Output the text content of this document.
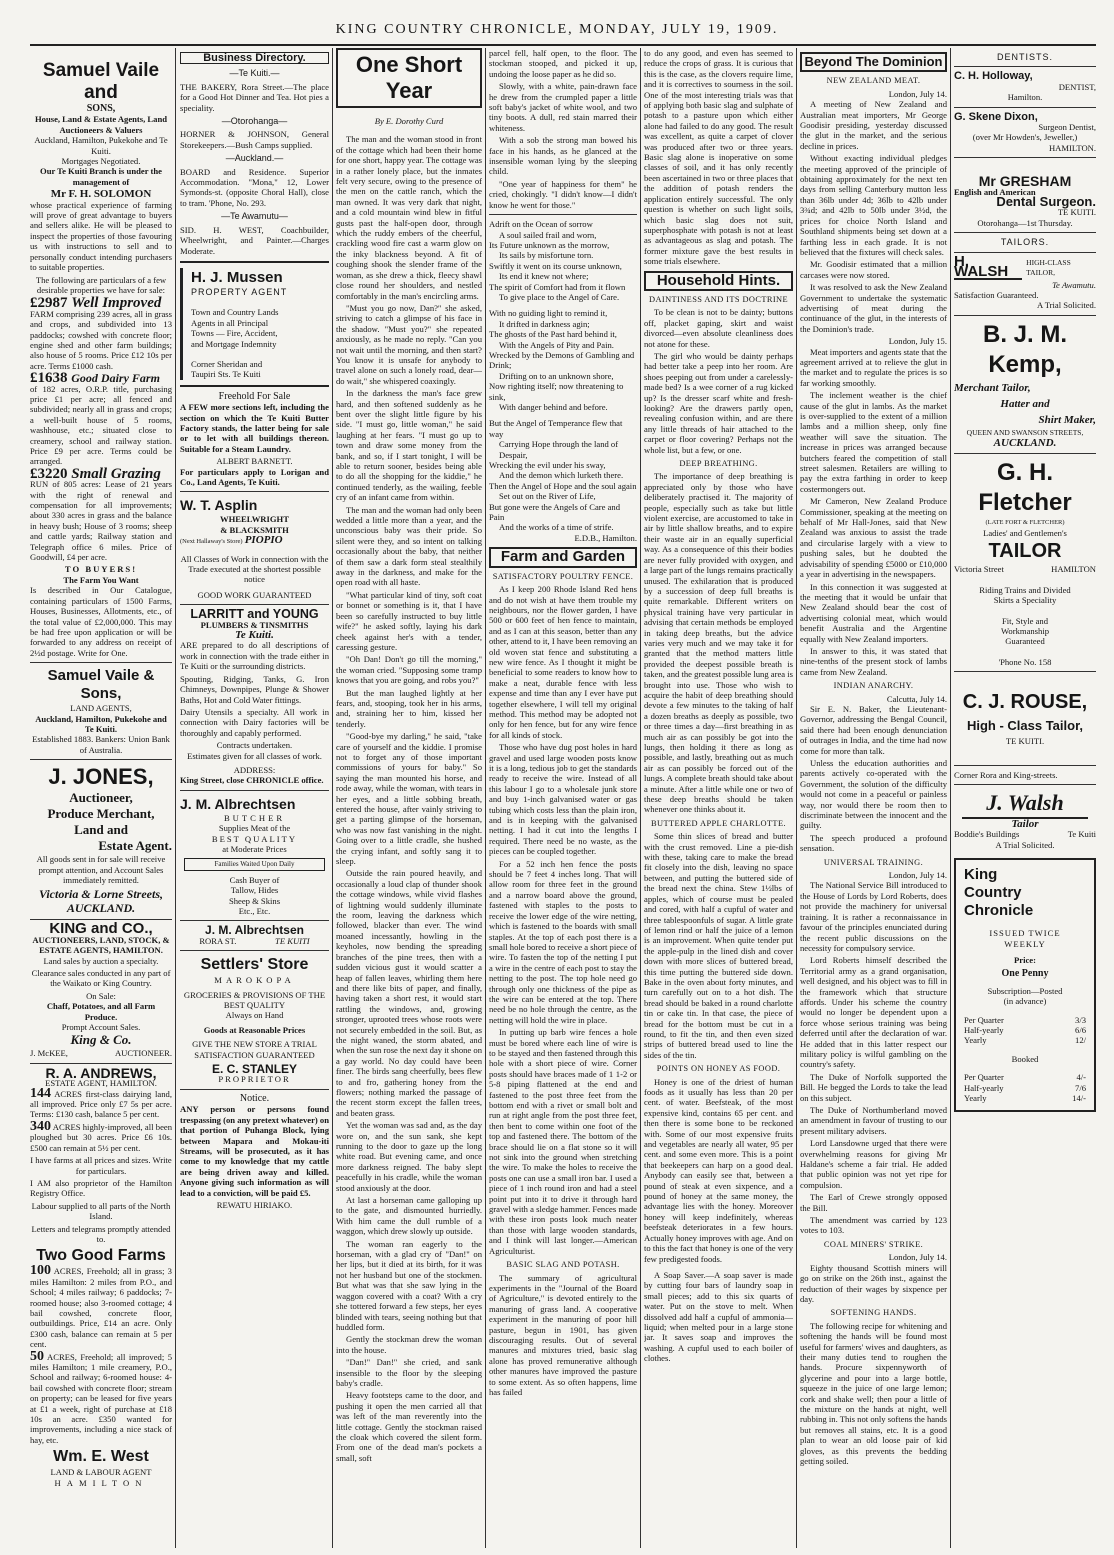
KING COUNTRY CHRONICLE, MONDAY, JULY 19, 1909.
Samuel Vaile and
SONS,
House, Land & Estate Agents, Land Auctioneers & Valuers
Auckland, Hamilton, Pukekohe and Te Kuiti.
Mortgages Negotiated.

Our Te Kuiti Branch is under the management of

Mr F. H. SOLOMON

whose practical experience of farming will prove of great advantage to buyers and sellers alike. He will be pleased to inspect the properties of those favouring us with instructions to sell and to personally conduct intending purchasers to suitable properties.

The following are particulars of a few desirable properties we have for sale:

£2987 Well Improved

FARM comprising 239 acres, all in grass and crops, and subdivided into 13 paddocks; cowshed with concrete floor; engine shed and other farm buildings; also house of 5 rooms. Price £12 10s per acre. Terms £1000 cash.

£1638 Good Dairy Farm

of 182 acres, O.R.P. title, purchasing price £1 per acre; all fenced and subdivided; nearly all in grass and crops; a well-built house of 5 rooms, washhouse, etc.; situated close to creamery, school and railway station. Price £9 per acre. Terms could be arranged.

£3220 Small Grazing

RUN of 805 acres: Lease of 21 years with the right of renewal and compensation for all improvements; about 330 acres in grass and the balance in heavy bush; House of 3 rooms; sheep and cattle yards; Railway station and Telegraph office 6 miles. Price of Goodwill, £4 per acre.

TO BUYERS!
The Farm You Want

Is described in Our Catalogue, containing particulars of 1500 Farms, Houses, Businesses, Allotments, etc., of the total value of £2,000,000. This may be had free upon application or will be forwarded to any address on receipt of 2½d postage. Write for One.

Samuel Vaile & Sons,
LAND AGENTS,
Auckland, Hamilton, Pukekohe and Te Kuiti.

Established 1883. Bankers: Union Bank of Australia.

J. JONES,
Auctioneer,
Produce Merchant,
Land and
Estate Agent.

All goods sent in for sale will receive prompt attention, and Account Sales immediately remitted.

Victoria & Lorne Streets, AUCKLAND.
KING and CO.,
AUCTIONEERS, LAND, STOCK, & ESTATE AGENTS, HAMILTON.

Land sales by auction a specialty.

Clearance sales conducted in any part of the Waikato or King Country.

On Sale:
Chaff, Potatoes, and all Farm Produce.
Prompt Account Sales.
King & Co.
J. McKEE,	AUCTIONEER.
R. A. ANDREWS,
ESTATE AGENT, HAMILTON.

144 ACRES first-class dairying land, all improved. Price only £7 5s per acre. Terms: £130 cash, balance 5 per cent.

340 ACRES highly-improved, all been ploughed but 30 acres. Price £6 10s. £500 can remain at 5½ per cent.

I have farms at all prices and sizes. Write for particulars.

I AM also proprietor of the Hamilton Registry Office.

Labour supplied to all parts of the North Island.

Letters and telegrams promptly attended to.

Two Good Farms

100 ACRES, Freehold; all in grass; 3 miles Hamilton: 2 miles from P.O., and School; 4 miles railway; 6 paddocks; 7-roomed house; also 3-roomed cottage; 4 bail cowshed, concrete floor, outbuildings. Price, £14 an acre. Only £300 cash, balance can remain at 5 per cent.

50 ACRES, Freehold; all improved; 5 miles Hamilton; 1 mile creamery, P.O., School and railway; 6-roomed house: 4-bail cowshed with concrete floor; stream on property; can be leased for five years at £1 a week, right of purchase at £18 10s an acre. £350 wanted for improvements, including a nice stack of hay, etc.

Wm. E. West
LAND & LABOUR AGENT
HAMILTON
Business Directory.
—Te Kuiti.—

THE BAKERY, Rora Street.—The place for a Good Hot Dinner and Tea. Hot pies a speciality.

—Otorohanga—

HORNER & JOHNSON, General Storekeepers.—Bush Camps supplied.

—Auckland.—

BOARD and Residence. Superior Accommodation. "Mona," 12, Lower Symonds-st. (opposite Choral Hall), close to tram. 'Phone, No. 293.

—Te Awamutu—

SID. H. WEST, Coachbuilder, Wheelwright, and Painter.—Charges Moderate.

H. J. Mussen
PROPERTY AGENT
Town and Country Lands
Agents in all Principal
Towns — Fire, Accident,
and Mortgage Indemnity
Corner Sheridan and
Taupiri Sts. Te Kuiti
Freehold For Sale

A FEW more sections left, including the section on which the Te Kuiti Butter Factory stands, the latter being for sale or to let with all buildings thereon. Suitable for a Steam Laundry.

ALBERT BARNETT.

For particulars apply to Lorigan and Co., Land Agents, Te Kuiti.

W. T. Asplin
WHEELWRIGHT
& BLACKSMITH
(Next Hallaway's Store) PIOPIO

All Classes of Work in connection with the Trade executed at the shortest possible notice

GOOD WORK GUARANTEED
LARRITT and YOUNG
PLUMBERS & TINSMITHS
Te Kuiti.

ARE prepared to do all descriptions of work in connection with the trade either in Te Kuiti or the surrounding districts.

Spouting, Ridging, Tanks, G. Iron Chimneys, Downpipes, Plunge & Shower Baths, Hot and Cold Water fittings.

Dairy Utensils a specialty. All work in connection with Dairy factories will be thoroughly and capably performed.

Contracts undertaken.
Estimates given for all classes of work.
ADDRESS:
King Street, close CHRONICLE office.
J. M. Albrechtsen
BUTCHER
Supplies Meat of the
BEST QUALITY
at Moderate Prices
Families Waited Upon Daily
Cash Buyer of
Tallow, Hides
Sheep & Skins
Etc., Etc.
J. M. Albrechtsen
RORA ST.	TE KUITI
Settlers' Store
MAROKOPA
GROCERIES & PROVISIONS OF THE BEST QUALITY
Always on Hand
Goods at Reasonable Prices
GIVE THE NEW STORE A TRIAL SATISFACTION GUARANTEED
E. C. STANLEY
PROPRIETOR
Notice.

ANY person or persons found trespassing (on any pretext whatever) on that portion of Puhanga Block, lying between Mapara and Mokau-iti Streams, will be prosecuted, as it has come to my knowledge that my cattle are being driven away and killed. Anyone giving such information as will lead to a conviction, will be paid £5.

REWATU HIRIAKO.
One Short Year
By E. Dorothy Curd

The man and the woman stood in front of the cottage which had been their home for one short, happy year. The cottage was in a rather lonely place, but the inmates felt very secure, owing to the presence of the men on the cattle ranch, which the man owned. It was very dark that night, and a cold mountain wind blew in fitful gusts past the half-open door, through which the ruddy embers of the cheerful, crackling wood fire cast a warm glow on the inky blackness beyond. A fit of coughing shook the slender frame of the woman, as she drew a thick, fleecy shawl close round her shoulders, and nestled comfortably in the man's encircling arms.

"Must you go now, Dan?" she asked, striving to catch a glimpse of his face in the shadow. "Must you?" she repeated anxiously, as he made no reply. "Can you not wait until the morning, and then start? You know it is unsafe for anybody to travel alone on such a lonely road, dear—do wait," she whispered coaxingly.

In the darkness the man's face grew hard, and then softened suddenly as he bent over the slight little figure by his side. "I must go, little woman," he said laughing at her fears. "I must go up to town and draw some money from the bank, and so, if I start tonight, I will be able to return sooner, besides being able to do all the shopping for the kiddie," he continued tenderly, as the wailing, feeble cry of an infant came from within.

The man and the woman had only been wedded a little more than a year, and the unconscious baby was their pride. So silent were they, and so intent on talking occasionally about the baby, that neither of them saw a dark form steal stealthily away in the darkness, and make for the open road with all haste.

"What particular kind of tiny, soft coat or bonnet or something is it, that I have been so carefully instructed to buy little wife?" he asked softly, laying his dark cheek against her's with a tender, caressing gesture.

"Oh Dan! Don't go till the morning," the woman cried. "Supposing some tramp knows that you are going, and robs you?"

But the man laughed lightly at her fears, and, stooping, took her in his arms, and, straining her to him, kissed her tenderly.

"Good-bye my darling," he said, "take care of yourself and the kiddie. I promise not to forget any of those important commissions of yours for baby." So saying the man mounted his horse, and rode away, while the woman, with tears in her eyes, and a little sobbing breath, entered the house, after vainly striving to get a parting glimpse of the horseman, who was now fast vanishing in the night. Going over to a little cradle, she hushed the crying infant, and softly sang it to sleep.

Outside the rain poured heavily, and occasionally a loud clap of thunder shook the cottage windows, while vivid flashes of lightning would suddenly illuminate the room, leaving the darkness which followed, blacker than ever. The wind moaned incessantly, howling in the keyholes, now bending the spreading branches of the pine trees, then with a sudden vicious gust it would scatter a heap of fallen leaves, whirling them here and there like bits of paper, and finally, having taken a short rest, it would start rattling the windows, and, growing stronger, uprooted trees whose roots were not securely embedded in the soil. But, as the night waned, the storm abated, and when the sun rose the next day it shone on a gay world. No day could have been finer. The birds sang cheerfully, bees flew to and fro, gathering honey from the flowers; nothing marked the passage of the recent storm except the fallen trees, and beaten grass.

Yet the woman was sad and, as the day wore on, and the sun sank, she kept running to the door to gaze up the long white road. But evening came, and once more darkness reigned. The baby slept peacefully in his cradle, while the woman stood anxiously at the door.

At last a horseman came galloping up to the gate, and dismounted hurriedly. With him came the dull rumble of a waggon, which drew slowly up outside.

The woman ran eagerly to the horseman, with a glad cry of "Dan!" on her lips, but it died at its birth, for it was not her husband but one of the stockmen. But what was that she saw lying in the waggon covered with a coat? With a cry she tottered forward a few steps, her eyes blinded with tears, seeing nothing but that huddled form.

Gently the stockman drew the woman into the house.

"Dan!" Dan!" she cried, and sank insensible to the floor by the sleeping baby's cradle.

Heavy footsteps came to the door, and pushing it open the men carried all that was left of the man reverently into the little cottage. Gently the stockman raised the cloak which covered the silent form. From one of the dead man's pockets a small, soft

parcel fell, half open, to the floor. The stockman stooped, and picked it up, undoing the loose paper as he did so.

Slowly, with a white, pain-drawn face he drew from the crumpled paper a little soft baby's jacket of white wool, and two tiny boots. A dull, red stain marred their whiteness.

With a sob the strong man bowed his face in his hands, as he glanced at the insensible woman lying by the sleeping child.

"One year of happiness for them" he cried, chokingly. "I didn't know—I didn't know he went for those."

Adrift on the Ocean of sorrow
A soul sailed frail and worn,
Its Future unknown as the morrow,
Its sails by misfortune torn.
Swiftly it went on its course unknown,
Its end it knew not where;
The spirit of Comfort had from it flown
To give place to the Angel of Care.
With no guiding light to remind it,
It drifted in darkness agin;
The ghosts of the Past hard behind it,
With the Angels of Pity and Pain.
Wrecked by the Demons of Gambling and Drink;
Drifting on to an unknown shore,
Now righting itself; now threatening to sink,
With danger behind and before.
But the Angel of Temperance flew that way
Carrying Hope through the land of Despair,
Wrecking the evil under his sway,
And the demon which lurketh there.
Then the Angel of Hope and the soul again
Set out on the River of Life,
But gone were the Angels of Care and Pain
And the works of a time of strife.
E.D.B., Hamilton.
Farm and Garden
SATISFACTORY POULTRY FENCE.

As I keep 200 Rhode Island Red hens and do not wish at have them trouble my neighbours, nor the flower garden, I have 500 or 600 feet of hen fence to maintain, and as I can at this season, better than any other, attend to it, I have been removing an old woven stat fence and substituting a new wire fence. As I thought it might be beneficial to some readers to know how to make a neat, durable fence with less expense and time than any I ever have put together elsewhere, I will tell my original method. This method may be adopted not only for hen fence, but for any wire fence for all kinds of stock.

Those who have dug post holes in hard gravel and used large wooden posts know it is a long, tedious job to get the standards ready to receive the wire. Instead of all this labour I go to a wholesale junk store and buy 1-inch galvanised water or gas tubing which costs less than the plain iron, and is in keeping with the galvanised netting. I had it cut into the lengths I required. There need be no waste, as the pieces can be coupled together.

For a 52 inch hen fence the posts should be 7 feet 4 inches long. That will allow room for three feet in the ground and a narrow board above the ground, fastened with staples to the posts to receive the lower edge of the wire netting, which is fastened to the boards with small staples. At the top of each post there is a small hole bored to receive a short piece of wire. To fasten the top of the netting I put a wire in the centre of each post to stay the netting to the post. The top hole need go through only one thickness of the pipe as the wire can be entered at the top. There need be no hole through the centre, as the netting will hold the wire in place.

In putting up barb wire fences a hole must be bored where each line of wire is to be stayed and then fastened through this hole with a short piece of wire. Corner posts should have braces made of 1 1-2 or 5-8 piping flattened at the end and fastened to the post three feet from the bottom end with a rivet or small bolt and run at right angle from the post three feet, then bent to come within one foot of the top and fastened there. The bottom of the brace should lie on a flat stone so it will not sink into the ground when stretching the wire. To make the holes to receive the posts one can use a small iron bar. I used a piece of 1 inch round iron and had a steel point put into it to drive it through hard gravel with a sledge hammer. Fences made with these iron posts look much neater than those with large wooden standards, and I think will last longer.—American Agriculturist.

BASIC SLAG AND POTASH.

The summary of agricultural experiments in the "Journal of the Board of Agriculture," is devoted entirely to the manuring of grass land. A cooperative experiment in the manuring of poor hill pasture, begun in 1901, has given discouraging results. Out of several manures and mixtures tried, basic slag alone has proved remunerative although other manures have improved the pasture to some extent. As so often happens, lime has failed

to do any good, and even has seemed to reduce the crops of grass. It is curious that this is the case, as the clovers require lime, and it is correctives to sourness in the soil. One of the most interesting trials was that of applying both basic slag and sulphate of potash to a pasture upon which either alone had failed to do any good. The result was excellent, as quite a carpet of clover was produced after two or three years. Basic slag alone is inoperative on some classes of soil, and it has only recently been ascertained in two or three places that the addition of potash renders the application entirely successful. The only question is whether on such light soils, which basic slag does not suit, superphosphate with potash is not at least as advantageous as slag and potash. The former mixture gave the best results in some trials elsewhere.

Household Hints.
DAINTINESS AND ITS DOCTRINE

To be clean is not to be dainty; buttons off, placket gaping, skirt and waist divorced—even absolute cleanliness does not atone for these.

The girl who would be dainty perhaps had better take a peep into her room. Are shoes peeping out from under a carelessly-made bed? Is a wee corner of a rug kicked up? Is the dresser scarf white and fresh-looking? Are the drawers partly open, revealing confusion within, and are there any little threads of hair attached to the carpet or floor covering? Perhaps not the whole list, but a few, or one.

DEEP BREATHING.

The importance of deep breathing is appreciated only by those who have deliberately practised it. The majority of people, especially such as take but little violent exercise, are accustomed to take in air by little shallow breaths, and to expire their waste air in an equally superficial way. As a consequence of this their bodies are never fully provided with oxygen, and a large part of the lungs remains practically unused. The exhilaration that is produced by a succession of deep full breaths is quite remarkable. Different writers on physical training have very particular in advising that certain methods be employed in taking deep breaths, but the advice varies very much and we may take it for granted that the method matters little provided the deepest possible breath is taken, and the greatest possible lung area is brought into use. Those who wish to acquire the habit of deep breathing should devote a few minutes to the taking of half a dozen breaths as deeply as possible, two or three times a day—first breathing in as much air as can possibly be got into the lungs, then holding it there as long as possible, and lastly, breathing out as much air as can possibly be forced out of the lungs. A complete breath should take about a minute. After a little while one or two of these deep breaths should be taken whenever one thinks about it.

BUTTERED APPLE CHARLOTTE.

Some thin slices of bread and butter with the crust removed. Line a pie-dish with these, taking care to make the bread fit closely into the dish, leaving no space between, and putting the buttered side of the bread next the china. Stew 1½lbs of apples, which of course must be pealed and cored, with half a cupful of water and three tablespoonfuls of sugar. A little grate of lemon rind or half the juice of a lemon is an improvement. When quite tender put the apple-pulp in the lined dish and cover down with more slices of buttered bread, this time putting the buttered side down. Bake in the oven about forty minutes, and turn carefully out on to a hot dish. The bread should be baked in a round charlotte tin or cake tin. In that case, the piece of bread for the bottom must be cut in a round, to fit the tin, and then even sized strips of buttered bread used to line the sides of the tin.

POINTS ON HONEY AS FOOD.

Honey is one of the driest of human foods as it usually has less than 20 per cent. of water. Beefsteak, of the most expensive kind, contains 65 per cent. and then there is some bone to be reckoned with. Some of our most expensive fruits and vegetables are nearly all water, 95 per cent. and some even more. This is a point that beekeepers can harp on a good deal. Anybody can easily see that, between a pound of steak at even sixpence, and a pound of honey at the same money, the advantage lies with the honey. Moreover honey will keep indefinitely, whereas beefsteak deteriorates in a few hours. Actually honey improves with age. And on to this the fact that honey is one of the very few predigested foods.

A Soap Saver.—A soap saver is made by cutting four bars of laundry soap in small pieces; add to this six quarts of water. Put on the stove to melt. When dissolved add half a cupful of ammonia—liquid; when melted pour in a large stone jar. It saves soap and improves the washing. A cupful used to each boiler of clothes.

Beyond The Dominion
NEW ZEALAND MEAT.
London, July 14.

A meeting of New Zealand and Australian meat importers, Mr George Goodisir presiding, yesterday discussed the glut in the market, and the serious decline in prices.

Without exacting individual pledges the meeting approved of the principle of obtaining approximately for the next ten days from selling Canterbury mutton less than 36lb under 4d; 36lb to 42lb under 3¾d; and 42lb to 50lb under 3½d, the prices for choice North Island and Southland shipments being set down at a farthing less in each grade. It is not believed that the fixtures will check sales.

Mr. Goodisir estimated that a million carcases were now stored.

It was resolved to ask the New Zealand Government to undertake the systematic advertising of meat during the continuance of the glut, in the interests of the Dominion's trade.

London, July 15.

Meat importers and agents state that the agreement arrived at to relieve the glut in the market and to regulate the prices is so far working smoothly.

The inclement weather is the chief cause of the glut in lambs. As the market is over-supplied to the extent of a million lambs and a million sheep, only fine weather will save the situation. The increase in prices was arranged because butchers feared the competition of stall street salesmen. Retailers are willing to pay the extra farthing in order to keep costermongers out.

Mr Cameron, New Zealand Produce Commissioner, speaking at the meeting on behalf of Mr Hall-Jones, said that New Zealand was anxious to assist the trade and circularise largely with a view to pushing sales, but he doubted the advisability of spending £5000 or £10,000 a year in advertising in the newspapers.

In this connection it was suggested at the meeting that it would be unfair that New Zealand should bear the cost of advertising colonial meat, which would benefit Australia and the Argentine equally with New Zealand importers.

In answer to this, it was stated that nine-tenths of the present stock of lambs came from New Zealand.

INDIAN ANARCHY.
Calcutta, July 14.

Sir E. N. Baker, the Lieutenant-Governor, addressing the Bengal Council, said there had been enough denunciation of outrages in India, and the time had now come for more than talk.

Unless the education authorities and parents actively co-operated with the Government, the solution of the difficulty would not come in a peaceful or painless way, nor would there be room then to discriminate between the innocent and the guilty.

The speech produced a profound sensation.

UNIVERSAL TRAINING.
London, July 14.

The National Service Bill introduced to the House of Lords by Lord Roberts, does not provide the machinery for universal training. It is rather a reconnaissance in favour of the principles enunciated during the recent public discussions on the necessity for compulsory service.

Lord Roberts himself described the Territorial army as a grand organisation, well designed, and his object was to fill in the framework which that structure affords. Under his scheme the country would no longer be dependent upon a force whose serious training was being deferred until after the declaration of war. He added that in this latter respect our military policy is wilful gambling on the country's safety.

The Duke of Norfolk supported the Bill. He begged the Lords to take the lead on this subject.

The Duke of Northumberland moved an amendment in favour of trusting to our present military advisers.

Lord Lansdowne urged that there were overwhelming reasons for giving Mr Haldane's scheme a fair trial. He added that public opinion was not yet ripe for compulsion.

The Earl of Crewe strongly opposed the Bill.

The amendment was carried by 123 votes to 103.

COAL MINERS' STRIKE.
London, July 14.

Eighty thousand Scottish miners will go on strike on the 26th inst., against the reduction of their wages by sixpence per day.

SOFTENING HANDS.

The following recipe for whitening and softening the hands will be found most useful for farmers' wives and daughters, as their many duties tend to roughen the hands. Procure sixpennyworth of glycerine and pour into a large bottle, squeeze in the juice of one large lemon; cork and shake well; then pour a little of the mixture on the hands at night, well rubbing in. This not only softens the hands but removes all stains, etc. It is a good plan to wear an old loose pair of kid gloves, as this prevents the bedding getting soiled.

DENTISTS.
C. H. Holloway,
DENTIST,
Hamilton.
G. Skene Dixon,
Surgeon Dentist,
(over Mr Howden's, Jeweller,)
HAMILTON.
Mr GRESHAM
English and American
Dental Surgeon.
TE KUITI.
Otorohanga—1st Thursday.
TAILORS.
H. WALSH
HIGH-CLASS TAILOR,
Te Awamutu.
Satisfaction Guaranteed.
A Trial Solicited.
B. J. M. Kemp,
Merchant Tailor,
Hatter and
Shirt Maker,
QUEEN AND SWANSON STREETS,
AUCKLAND.
G. H. Fletcher
(LATE FORT & FLETCHER)
Ladies' and Gentlemen's
TAILOR
Victoria Street	HAMILTON
Riding Trains and Divided
Skirts a Speciality
Fit, Style and
Workmanship
Guaranteed
'Phone No. 158
C. J. ROUSE,
High - Class Tailor,
TE KUITI.
Corner Rora and King-streets.
J. Walsh
Tailor
Boddie's Buildings	Te Kuiti
A Trial Solicited.
King
Country
Chronicle
ISSUED TWICE WEEKLY
Price:
One Penny
Subscription—Posted
(in advance)
Per Quarter	3/3
Half-yearly	6/6
Yearly	12/
Booked
Per Quarter	4/-
Half-yearly	7/6
Yearly	14/-
